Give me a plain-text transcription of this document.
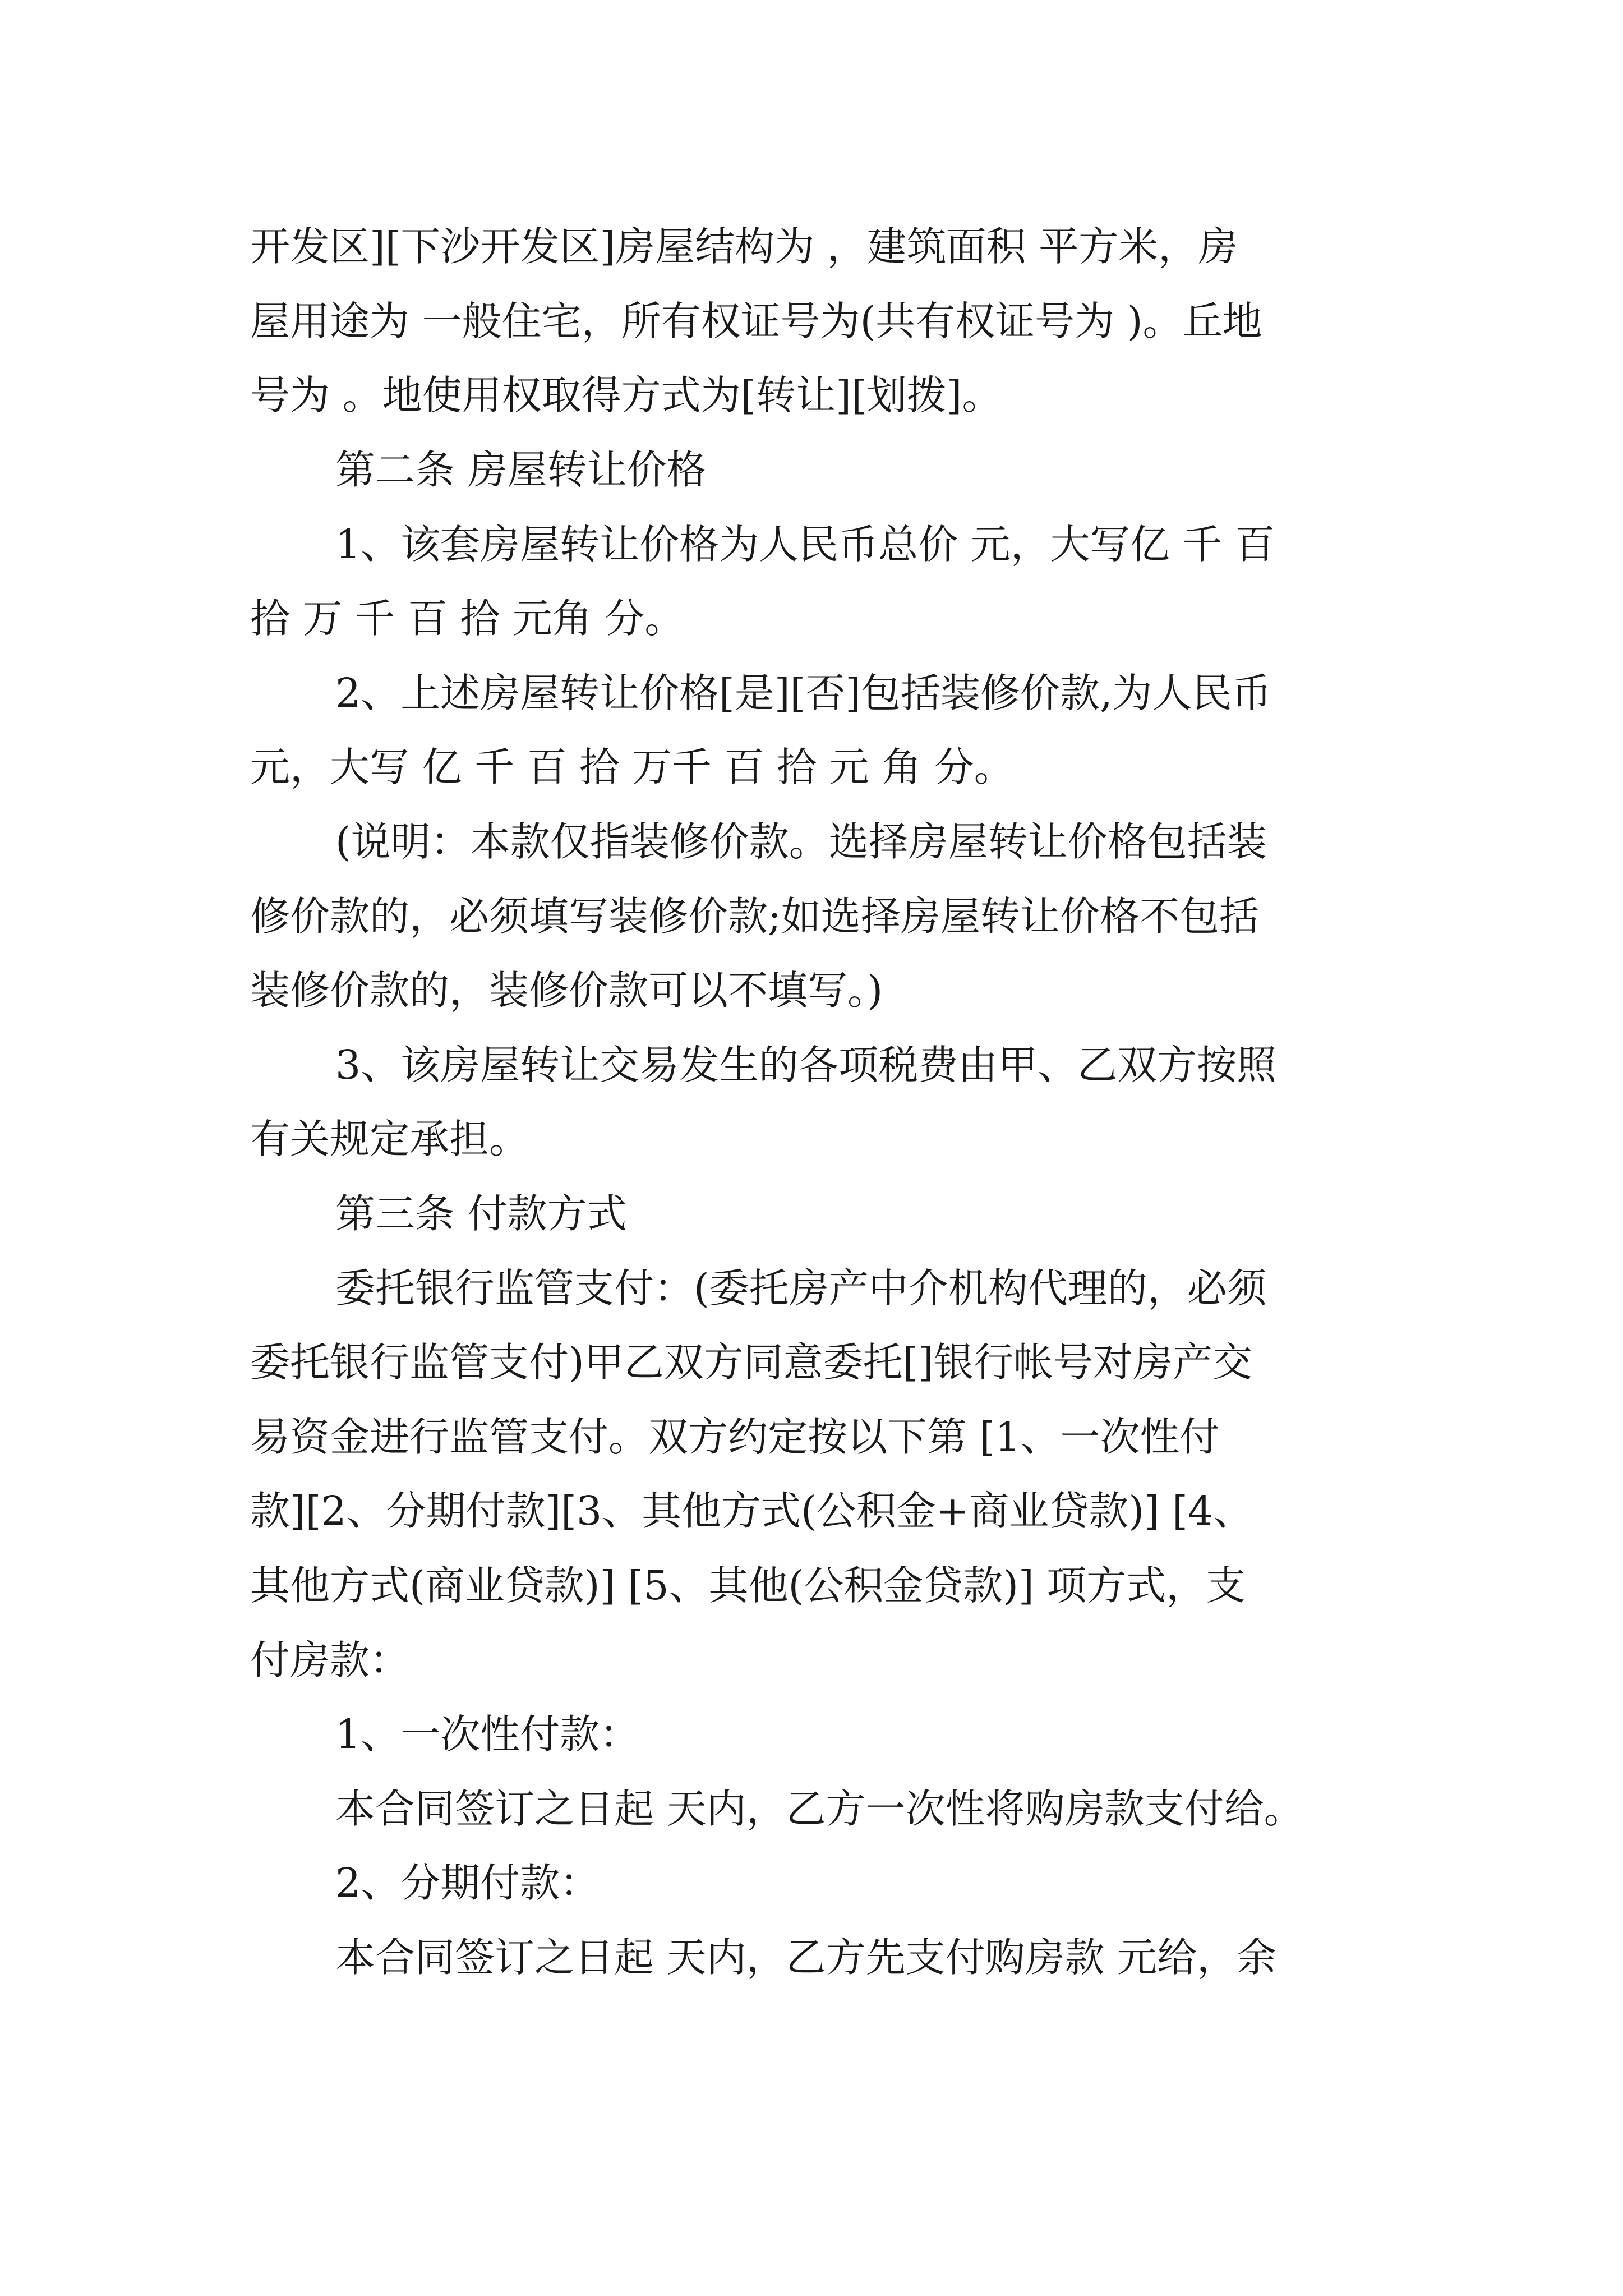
开发区][下沙开发区]房屋结构为 ，建筑面积 平方米，房
屋用途为 一般住宅，所有权证号为(共有权证号为 )。丘地
号为 。地使用权取得方式为[转让][划拨]。
第二条 房屋转让价格
1、该套房屋转让价格为人民币总价 元，大写亿 千 百
拾 万 千 百 拾 元角 分。
2、上述房屋转让价格[是][否]包括装修价款,为人民币
元，大写 亿 千 百 拾 万千 百 拾 元 角 分。
(说明：本款仅指装修价款。选择房屋转让价格包括装
修价款的，必须填写装修价款;如选择房屋转让价格不包括
装修价款的，装修价款可以不填写。)
3、该房屋转让交易发生的各项税费由甲、乙双方按照
有关规定承担。
第三条 付款方式
委托银行监管支付：(委托房产中介机构代理的，必须
委托银行监管支付)甲乙双方同意委托[]银行帐号对房产交
易资金进行监管支付。双方约定按以下第 [1、一次性付
款][2、分期付款][3、其他方式(公积金+商业贷款)] [4、
其他方式(商业贷款)] [5、其他(公积金贷款)] 项方式，支
付房款：
1、一次性付款：
本合同签订之日起 天内，乙方一次性将购房款支付给。
2、分期付款：
本合同签订之日起 天内，乙方先支付购房款 元给，余
